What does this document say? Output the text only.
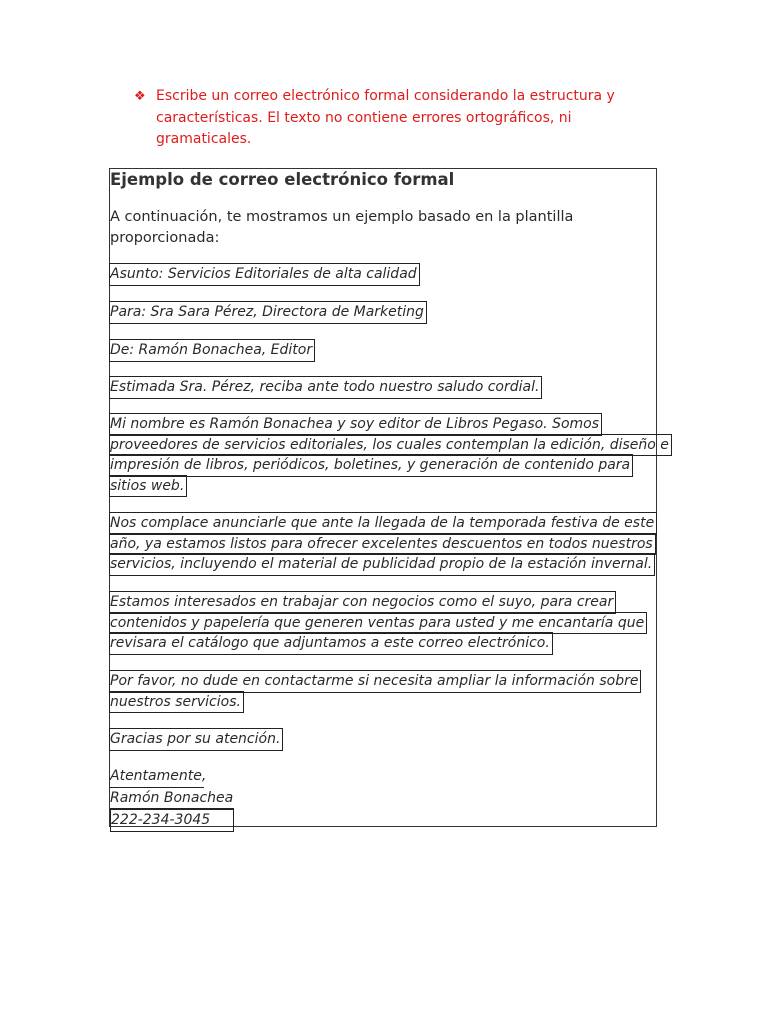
❖ Escribe un correo electrónico formal considerando la estructura y características. El texto no contiene errores ortográficos, ni gramaticales.
Ejemplo de correo electrónico formal
A continuación, te mostramos un ejemplo basado en la plantilla proporcionada:
Asunto: Servicios Editoriales de alta calidad
Para: Sra Sara Pérez, Directora de Marketing
De: Ramón Bonachea, Editor
Estimada Sra. Pérez, reciba ante todo nuestro saludo cordial.
Mi nombre es Ramón Bonachea y soy editor de Libros Pegaso. Somos
proveedores de servicios editoriales, los cuales contemplan la edición, diseño e
impresión de libros, periódicos, boletines, y generación de contenido para
sitios web.
Nos complace anunciarle que ante la llegada de la temporada festiva de este
año, ya estamos listos para ofrecer excelentes descuentos en todos nuestros
servicios, incluyendo el material de publicidad propio de la estación invernal.
Estamos interesados en trabajar con negocios como el suyo, para crear
contenidos y papelería que generen ventas para usted y me encantaría que
revisara el catálogo que adjuntamos a este correo electrónico.
Por favor, no dude en contactarme si necesita ampliar la información sobre
nuestros servicios.
Gracias por su atención.
Atentamente,
Ramón Bonachea
222-234-3045
